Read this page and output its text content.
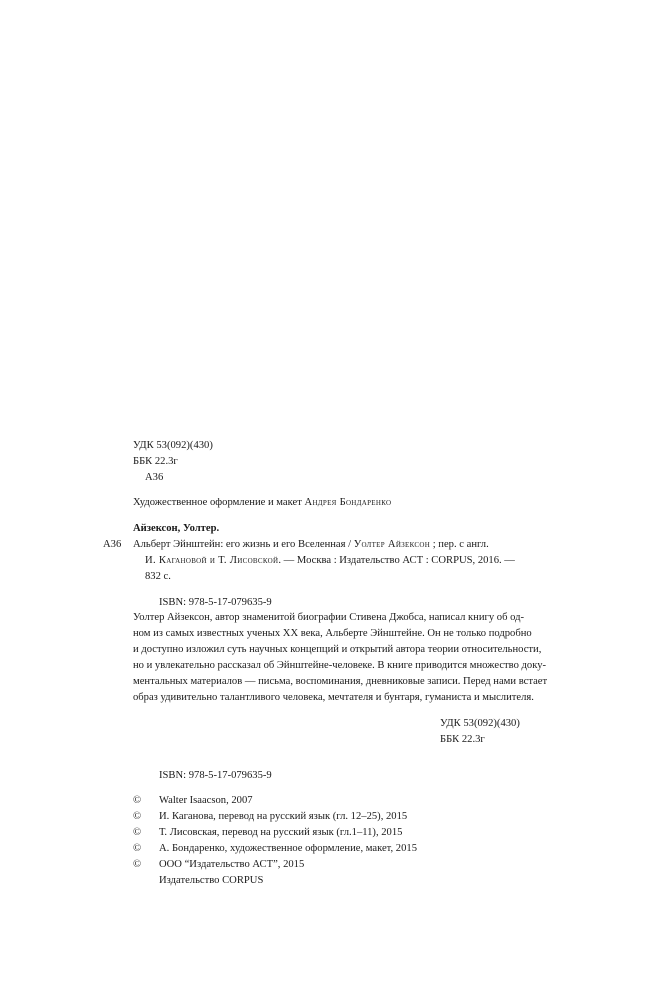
УДК 53(092)(430)
ББК 22.3г
А36
Художественное оформление и макет Андрея Бондаренко
Айзексон, Уолтер.
А36 Альберт Эйнштейн: его жизнь и его Вселенная / Уолтер Айзексон ; пер. с англ.
И. Кагановой и Т. Лисовской. — Москва : Издательство АСТ : CORPUS, 2016. —
832 с.
ISBN: 978-5-17-079635-9
Уолтер Айзексон, автор знаменитой биографии Стивена Джобса, написал книгу об од-
ном из самых известных ученых XX века, Альберте Эйнштейне. Он не только подробно
и доступно изложил суть научных концепций и открытий автора теории относительности,
но и увлекательно рассказал об Эйнштейне-человеке. В книге приводится множество доку-
ментальных материалов — письма, воспоминания, дневниковые записи. Перед нами встает
образ удивительно талантливого человека, мечтателя и бунтаря, гуманиста и мыслителя.
УДК 53(092)(430)
ББК 22.3г
ISBN: 978-5-17-079635-9
© Walter Isaacson, 2007
© И. Каганова, перевод на русский язык (гл. 12–25), 2015
© Т. Лисовская, перевод на русский язык (гл.1–11), 2015
© А. Бондаренко, художественное оформление, макет, 2015
© ООО “Издательство АСТ”, 2015
Издательство CORPUS
